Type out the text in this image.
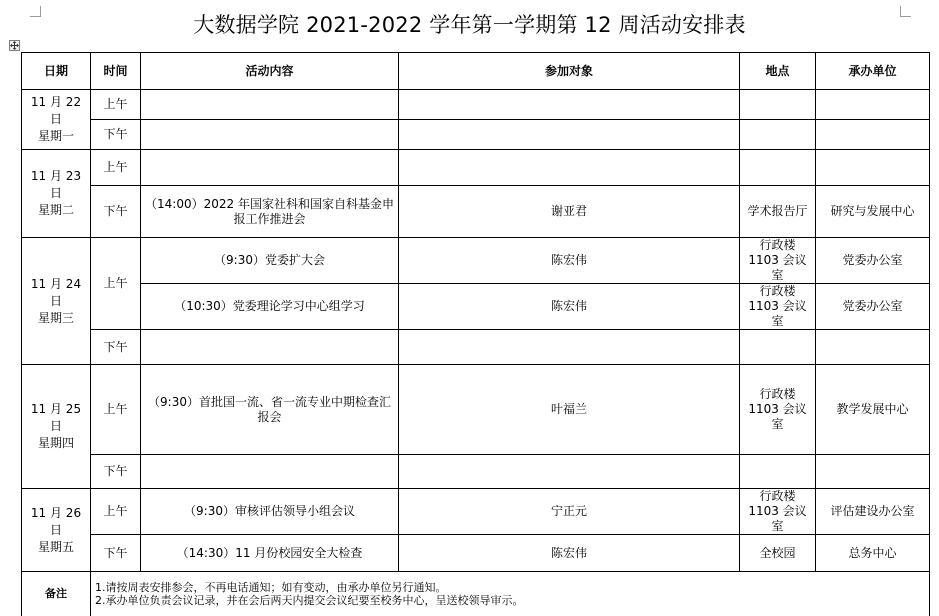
大数据学院 2021-2022 学年第一学期第 12 周活动安排表
日期	时间	活动内容	参加对象	地点	承办单位

11 月 22 日
星期一	上午				
	下午				

11 月 23 日
星期二	上午				
	下午	（14:00）2022 年国家社科和国家自科基金申报工作推进会	谢亚君	学术报告厅	研究与发展中心

11 月 24 日
星期三	上午	（9:30）党委扩大会	陈宏伟	行政楼 1103 会议室	党委办公室
		（10:30）党委理论学习中心组学习	陈宏伟	行政楼 1103 会议室	党委办公室
	下午				

11 月 25 日
星期四	上午	（9:30）首批国一流、省一流专业中期检查汇报会	叶福兰	行政楼 1103 会议室	教学发展中心
	下午				

11 月 26 日
星期五	上午	（9:30）审核评估领导小组会议	宁正元	行政楼 1103 会议室	评估建设办公室
	下午	（14:30）11 月份校园安全大检查	陈宏伟	全校园	总务中心
备注	1.请按周表安排参会，不再电话通知；如有变动，由承办单位另行通知。
2.承办单位负责会议记录，并在会后两天内提交会议纪要至校务中心，呈送校领导审示。				
